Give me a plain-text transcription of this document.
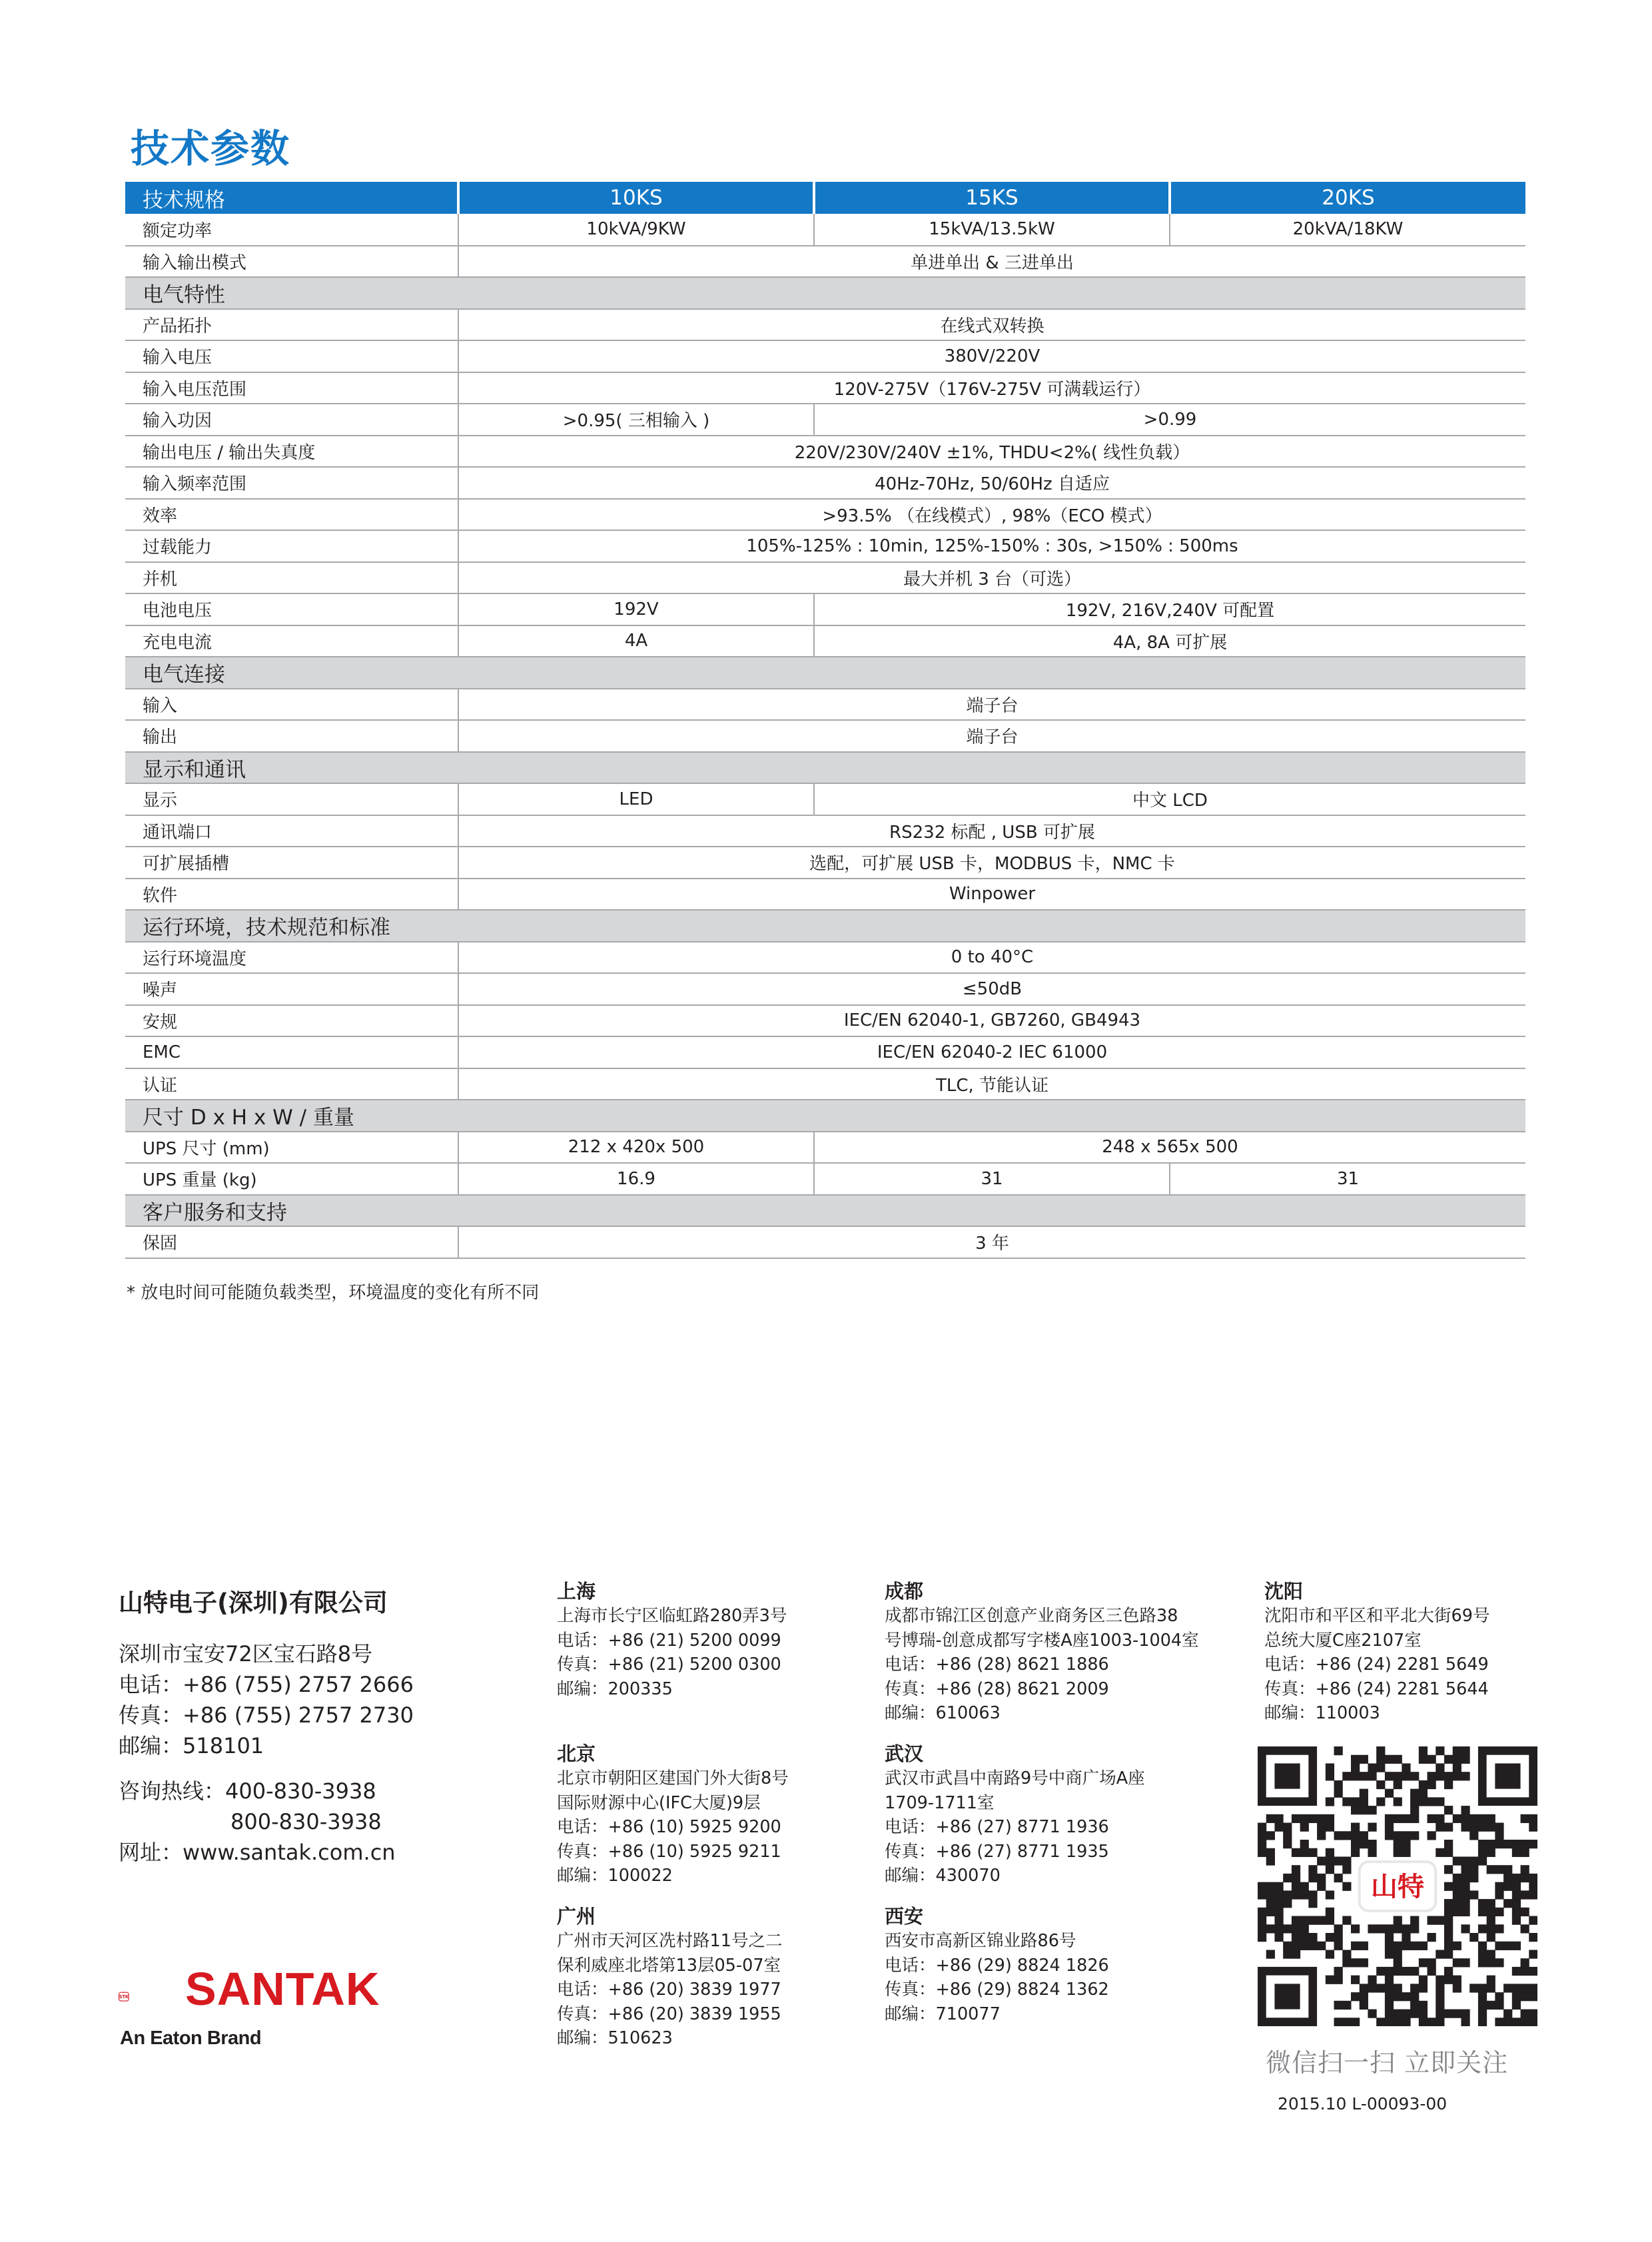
技术参数
技术规格	10KS	15KS	20KS
额定功率	10kVA/9KW	15kVA/13.5kW	20kVA/18KW
输入输出模式	单进单出 & 三进单出		
电气特性			
产品拓扑	在线式双转换		
输入电压	380V/220V		
输入电压范围	120V-275V（176V-275V 可满载运行）		
输入功因	>0.95( 三相输入 )	>0.99	
输出电压 / 输出失真度	220V/230V/240V ±1%, THDU<2%( 线性负载）		
输入频率范围	40Hz-70Hz, 50/60Hz 自适应		
效率	>93.5% （在线模式）, 98%（ECO 模式）		
过载能力	105%-125% : 10min, 125%-150% : 30s, >150% : 500ms		
并机	最大并机 3 台（可选）		
电池电压	192V	192V, 216V,240V 可配置	
充电电流	4A	4A, 8A 可扩展	
电气连接			
输入	端子台		
输出	端子台		
显示和通讯			
显示	LED	中文 LCD	
通讯端口	RS232 标配 , USB 可扩展		
可扩展插槽	选配，可扩展 USB 卡，MODBUS 卡，NMC 卡		
软件	Winpower		
运行环境，技术规范和标准			
运行环境温度	0 to 40°C		
噪声	≤50dB		
安规	IEC/EN 62040-1, GB7260, GB4943		
EMC	IEC/EN 62040-2 IEC 61000		
认证	TLC, 节能认证		
尺寸 D x H x W / 重量			
UPS 尺寸 (mm)	212 x 420x 500	248 x 565x 500	
UPS 重量 (kg)	16.9	31	31
客户服务和支持			
保固	3 年		
* 放电时间可能随负载类型，环境温度的变化有所不同
山特电子(深圳)有限公司
深圳市宝安72区宝石路8号
电话：+86 (755) 2757 2666
传真：+86 (755) 2757 2730
邮编：518101
咨询热线：400-830-3938
800-830-3938
网址：www.santak.com.cn
STK SANTAK
An Eaton Brand
上海
上海市长宁区临虹路280弄3号
电话：+86 (21) 5200 0099
传真：+86 (21) 5200 0300
邮编：200335
北京
北京市朝阳区建国门外大街8号
国际财源中心(IFC大厦)9层
电话：+86 (10) 5925 9200
传真：+86 (10) 5925 9211
邮编：100022
广州
广州市天河区冼村路11号之二
保利威座北塔第13层05-07室
电话：+86 (20) 3839 1977
传真：+86 (20) 3839 1955
邮编：510623
成都
成都市锦江区创意产业商务区三色路38
号博瑞-创意成都写字楼A座1003-1004室
电话：+86 (28) 8621 1886
传真：+86 (28) 8621 2009
邮编：610063
武汉
武汉市武昌中南路9号中商广场A座
1709-1711室
电话：+86 (27) 8771 1936
传真：+86 (27) 8771 1935
邮编：430070
西安
西安市高新区锦业路86号
电话：+86 (29) 8824 1826
传真：+86 (29) 8824 1362
邮编：710077
沈阳
沈阳市和平区和平北大街69号
总统大厦C座2107室
电话：+86 (24) 2281 5649
传真：+86 (24) 2281 5644
邮编：110003
山特
微信扫一扫 立即关注
2015.10 L-00093-00
